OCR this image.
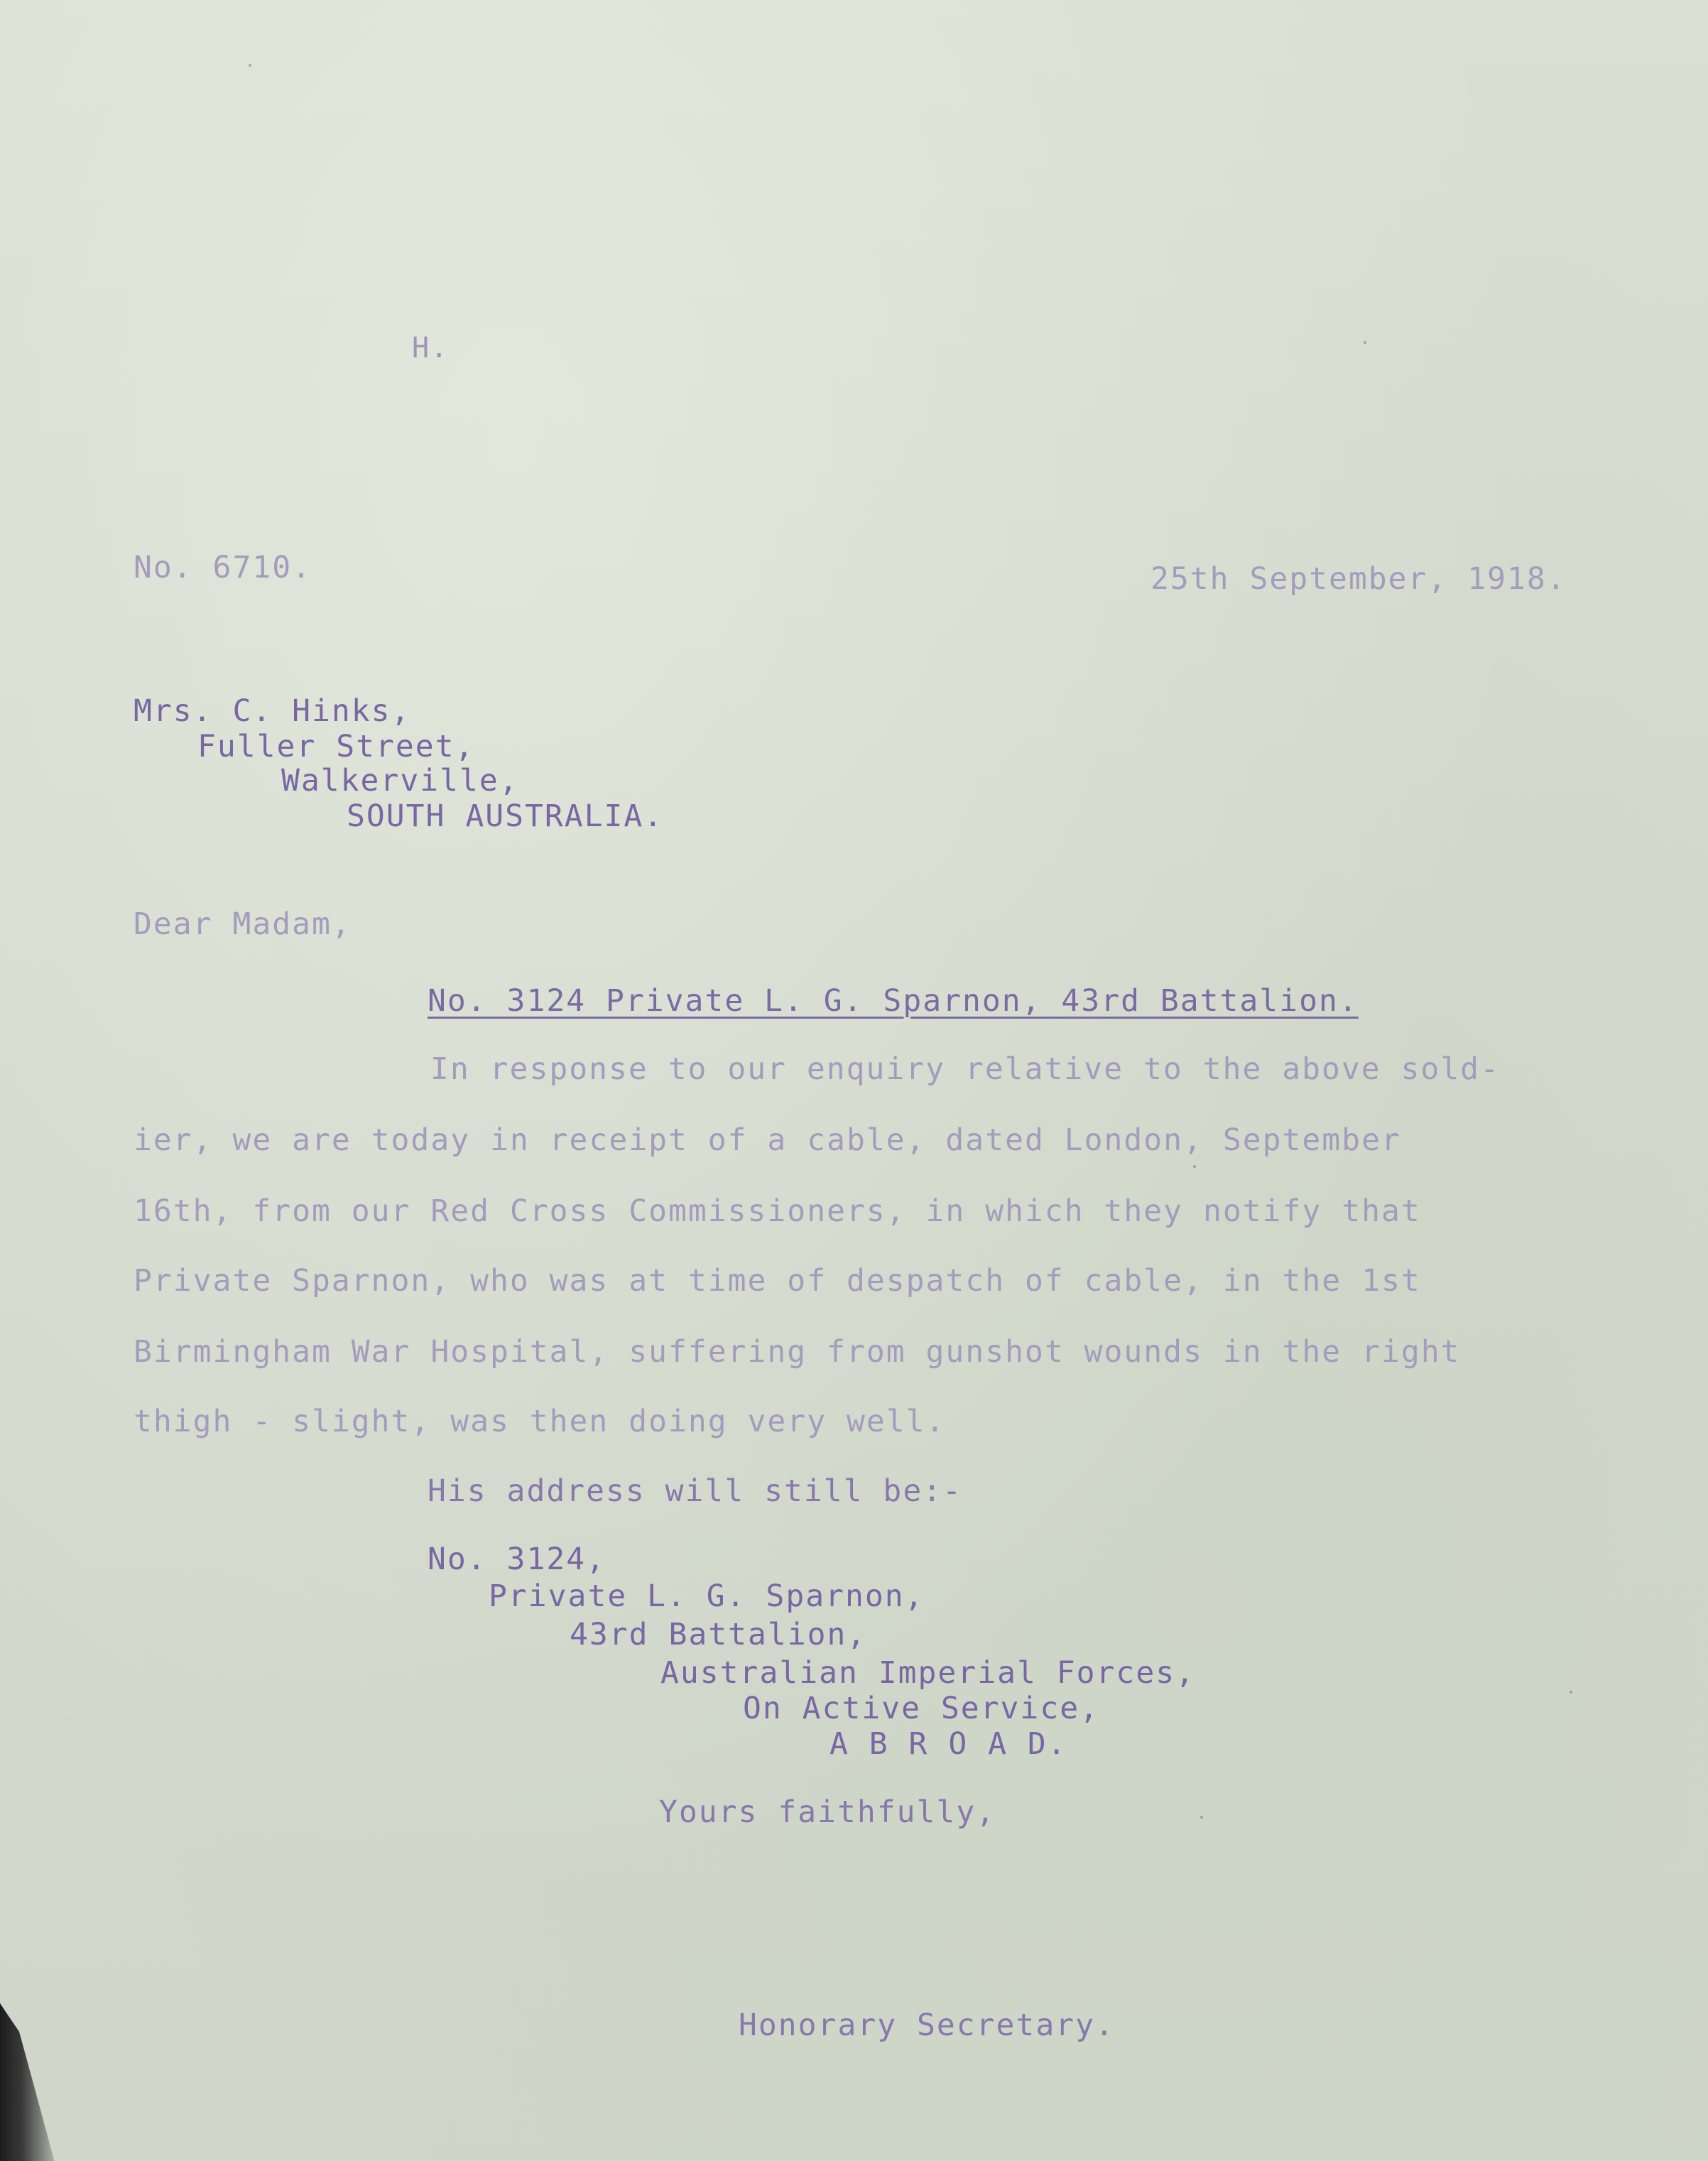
H.
No. 6710.	25th September, 1918.
Mrs. C. Hinks,
Fuller Street,
Walkerville,
SOUTH AUSTRALIA.
Dear Madam,
No. 3124 Private L. G. Sparnon, 43rd Battalion.
In response to our enquiry relative to the above sold-
ier, we are today in receipt of a cable, dated London, September
16th, from our Red Cross Commissioners, in which they notify that
Private Sparnon, who was at time of despatch of cable, in the 1st
Birmingham War Hospital, suffering from gunshot wounds in the right
thigh - slight, was then doing very well.
His address will still be:-
No. 3124,
Private L. G. Sparnon,
43rd Battalion,
Australian Imperial Forces,
On Active Service,
A B R O A D.
Yours faithfully,
Honorary Secretary.
